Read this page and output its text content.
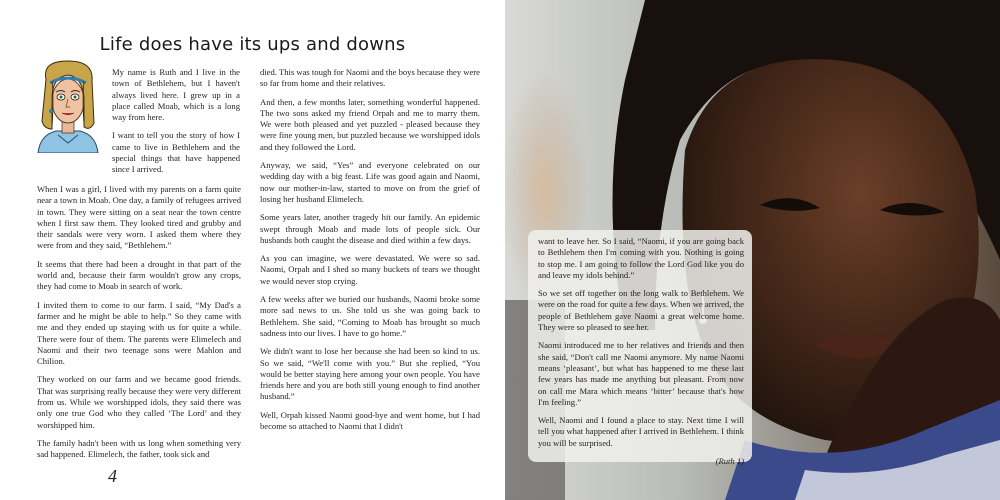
Life does have its ups and downs

My name is Ruth and I live in the town of Bethlehem, but I haven't always lived here. I grew up in a place called Moab, which is a long way from here.

I want to tell you the story of how I came to live in Bethlehem and the special things that have happened since I arrived.

When I was a girl, I lived with my parents on a farm quite near a town in Moab. One day, a family of refugees arrived in town. They were sitting on a seat near the town centre when I first saw them. They looked tired and grubby and their sandals were very worn. I asked them where they were from and they said, “Bethlehem.”

It seems that there had been a drought in that part of the world and, because their farm wouldn't grow any crops, they had come to Moab in search of work.

I invited them to come to our farm. I said, “My Dad's a farmer and he might be able to help.” So they came with me and they ended up staying with us for quite a while. There were four of them. The parents were Elimelech and Naomi and their two teenage sons were Mahlon and Chilion.

They worked on our farm and we became good friends. That was surprising really because they were very different from us. While we worshipped idols, they said there was only one true God who they called ‘The Lord’ and they worshipped him.

The family hadn't been with us long when something very sad happened. Elimelech, the father, took sick and

died. This was tough for Naomi and the boys because they were so far from home and their relatives.

And then, a few months later, something wonderful happened. The two sons asked my friend Orpah and me to marry them. We were both pleased and yet puzzled - pleased because they were fine young men, but puzzled because we worshipped idols and they followed the Lord.

Anyway, we said, “Yes” and everyone celebrated on our wedding day with a big feast. Life was good again and Naomi, now our mother-in-law, started to move on from the grief of losing her husband Elimelech.

Some years later, another tragedy hit our family. An epidemic swept through Moab and made lots of people sick. Our husbands both caught the disease and died within a few days.

As you can imagine, we were devastated. We were so sad. Naomi, Orpah and I shed so many buckets of tears we thought we would never stop crying.

A few weeks after we buried our husbands, Naomi broke some more sad news to us. She told us she was going back to Bethlehem. She said, “Coming to Moab has brought so much sadness into our lives. I have to go home.”

We didn't want to lose her because she had been so kind to us. So we said, “We'll come with you.” But she replied, “You would be better staying here among your own people. You have friends here and you are both still young enough to find another husband.”

Well, Orpah kissed Naomi good-bye and went home, but I had become so attached to Naomi that I didn't

4

want to leave her. So I said, “Naomi, if you are going back to Bethlehem then I'm coming with you. Nothing is going to stop me. I am going to follow the Lord God like you do and leave my idols behind.”

So we set off together on the long walk to Bethlehem. We were on the road for quite a few days. When we arrived, the people of Bethlehem gave Naomi a great welcome home. They were so pleased to see her.

Naomi introduced me to her relatives and friends and then she said, “Don't call me Naomi anymore. My name Naomi means ‘pleasant’, but what has happened to me these last few years has made me anything but pleasant. From now on call me Mara which means ‘bitter’ because that's how I'm feeling.”

Well, Naomi and I found a place to stay. Next time I will tell you what happened after I arrived in Bethlehem. I think you will be surprised.

(Ruth 1)
